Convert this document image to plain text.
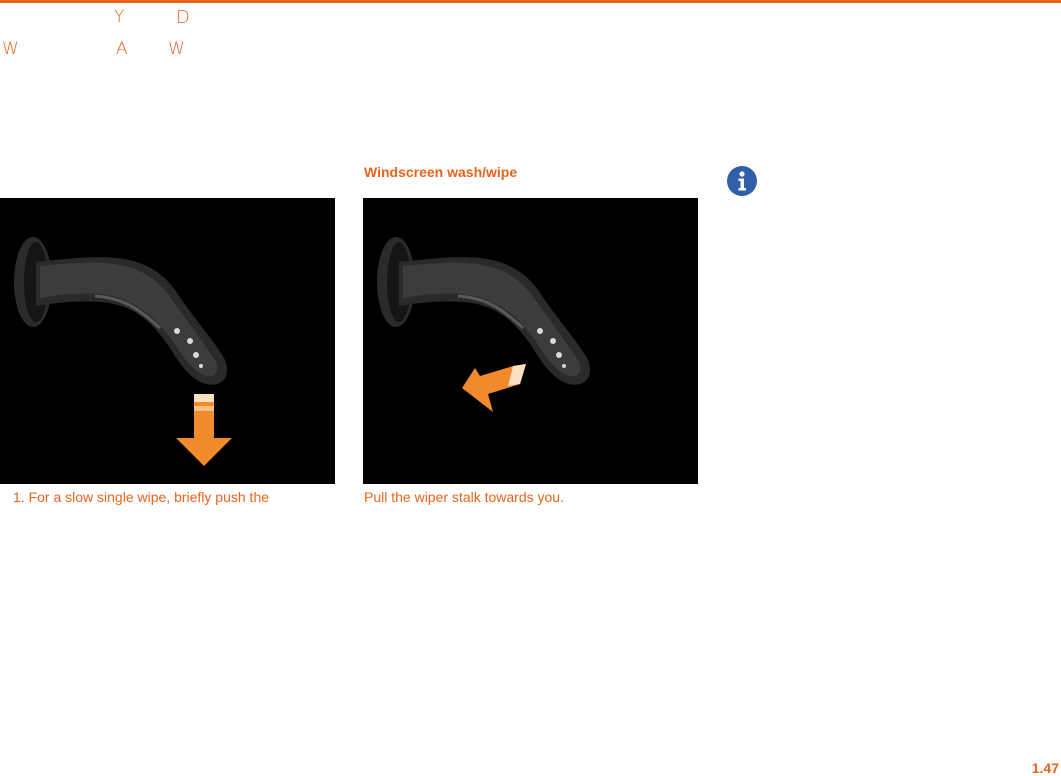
Y	D
W	A W
Windscreen wash/wipe
1. For a slow single wipe, briefly push the	Pull the wiper stalk towards you.
1.47
